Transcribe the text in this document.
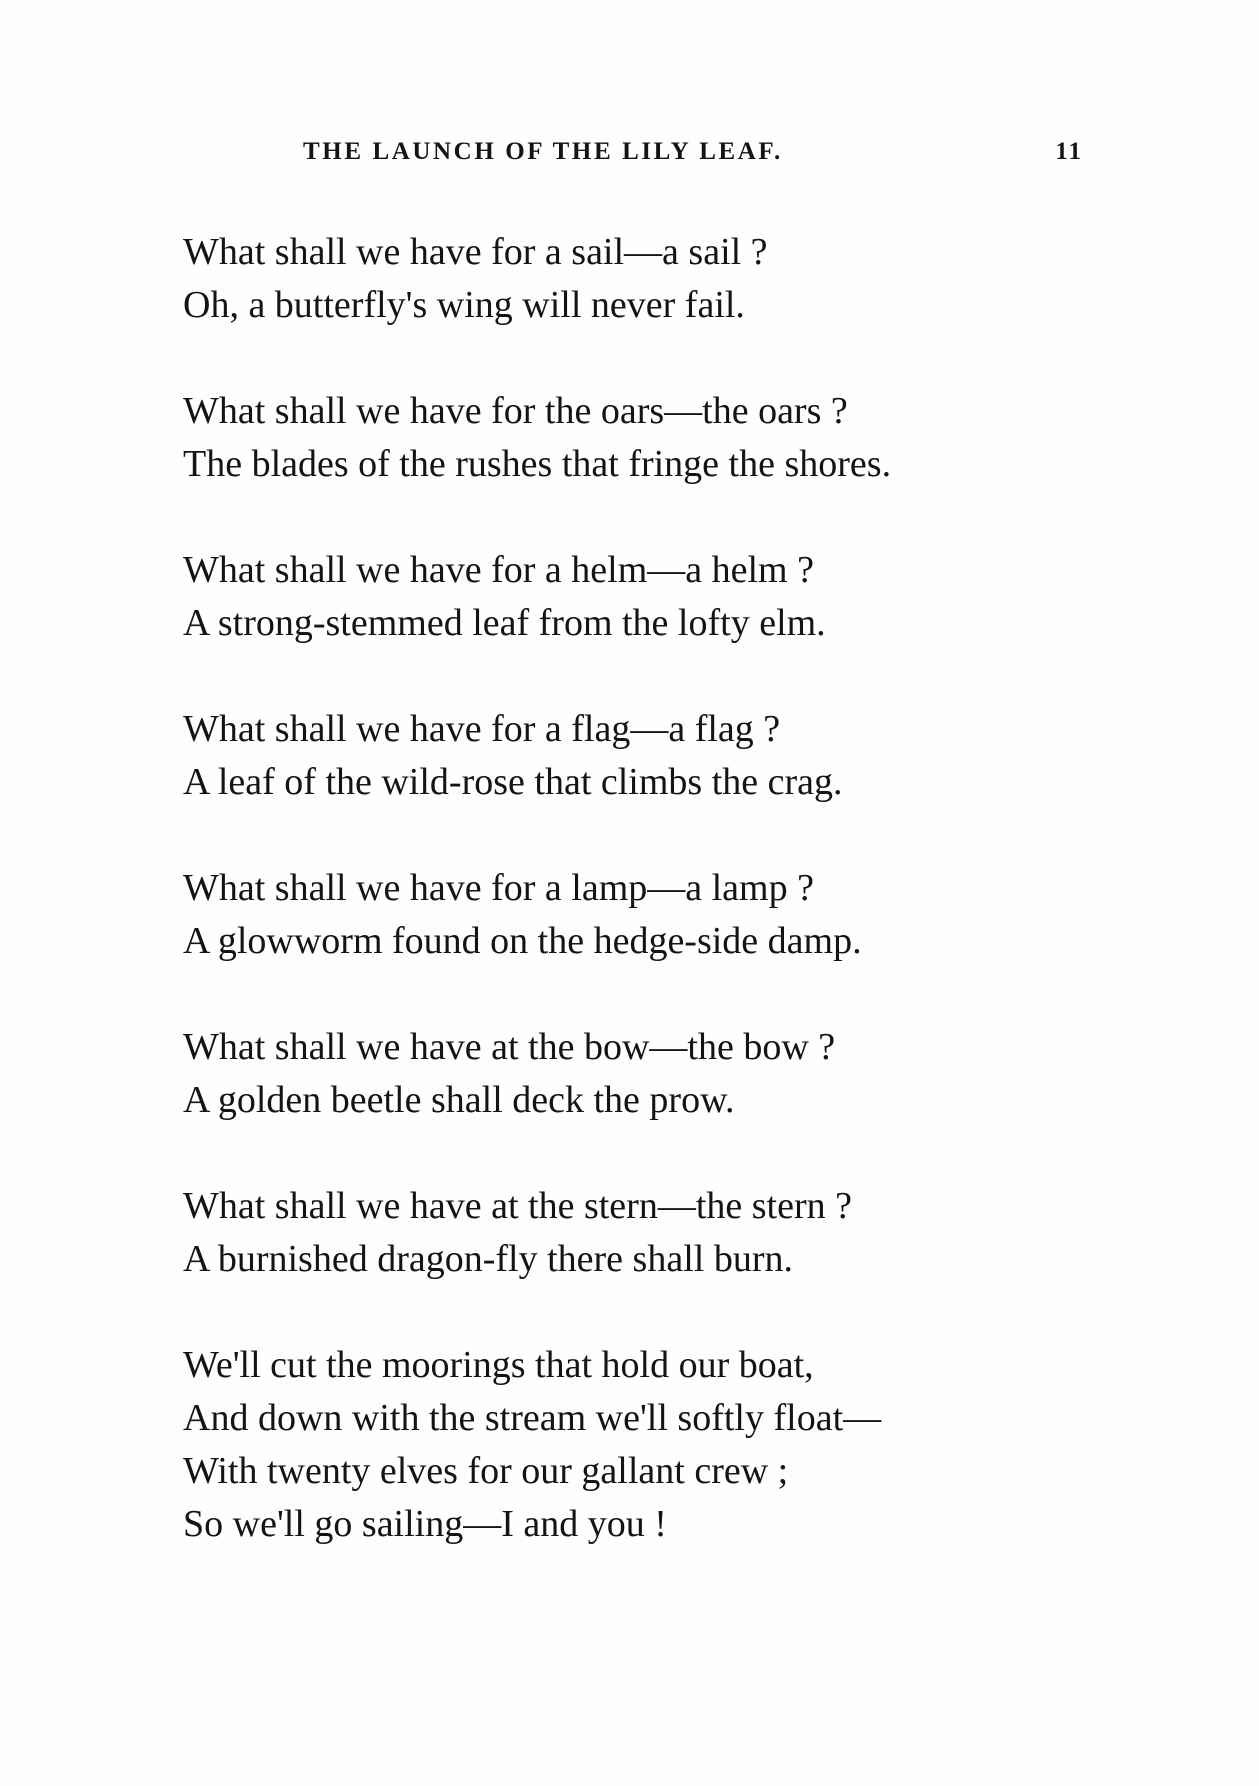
THE LAUNCH OF THE LILY LEAF.	11
What shall we have for a sail—a sail ?
Oh, a butterfly's wing will never fail.
What shall we have for the oars—the oars ?
The blades of the rushes that fringe the shores.
What shall we have for a helm—a helm ?
A strong-stemmed leaf from the lofty elm.
What shall we have for a flag—a flag ?
A leaf of the wild-rose that climbs the crag.
What shall we have for a lamp—a lamp ?
A glowworm found on the hedge-side damp.
What shall we have at the bow—the bow ?
A golden beetle shall deck the prow.
What shall we have at the stern—the stern ?
A burnished dragon-fly there shall burn.
We'll cut the moorings that hold our boat,
And down with the stream we'll softly float—
With twenty elves for our gallant crew ;
So we'll go sailing—I and you !
